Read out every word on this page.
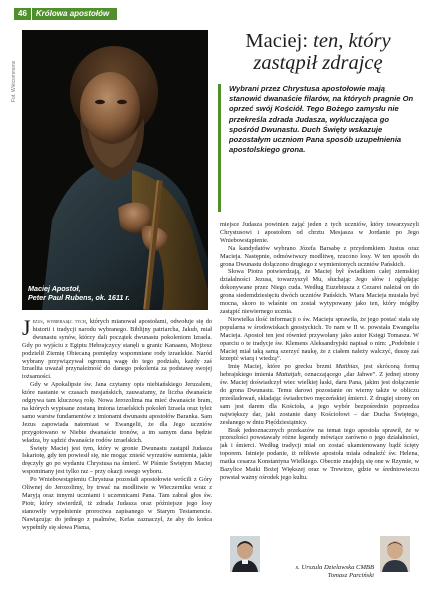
46	Królowa apostołów
Fot. Wikicommons
Maciej Apostoł,
Peter Paul Rubens, ok. 1611 r.
Maciej: ten, który
zastąpił zdrajcę
Wybrani przez Chrystusa apostołowie mają stanowić dwanaście filarów, na których pragnie On oprzeć swój Kościół. Tego Bożego zamysłu nie przekreśla zdrada Judasza, wykluczająca go spośród Dwunastu. Duch Święty wskazuje pozostałym uczniom Pana sposób uzupełnienia apostolskiego grona.

Jezus, wybierając tych, których mianował apostołami, odwołuje się do historii i tradycji narodu wybranego. Biblijny patriarcha, Jakub, miał dwunastu synów, którzy dali początek dwunastu pokoleniom Izraela. Gdy po wyjściu z Egiptu Hebrajczycy stanęli u granic Kanaanu, Mojżesz podzielił Ziemię Obiecaną pomiędzy wspomniane rody izraelskie. Naród wybrany przywiązywał ogromną wagę do tego podziału, każdy zaś Izraelita uważał przynależność do danego pokolenia za podstawę swojej tożsamości.

Gdy w Apokalipsie św. Jana czytamy opis niebiańskiego Jeruzalem, które nastanie w czasach mesjańskich, zauważamy, że liczba dwanaście odgrywa tam kluczową rolę. Nowa Jerozolima ma mieć dwanaście bram, na których wypisane zostaną imiona izraelskich pokoleń Izraela oraz tyleż samo warstw fundamentów z imionami dwunastu apostołów Baranka. Sam Jezus zapowiada natomiast w Ewangelii, że dla Jego uczniów przygotowano w Niebie dwanaście tronów, a im samym dana będzie władza, by sądzić dwanaście rodów izraelskich.

Święty Maciej jest tym, który w gronie Dwunastu zastąpił Judasza Iskariotę, gdy ten powiesił się, nie mogąc znieść wyrzutów sumienia, jakie dręczyły go po wydaniu Chrystusa na śmierć. W Piśmie Świętym Maciej wspominany jest tylko raz – przy okazji swego wyboru.

Po Wniebowstąpieniu Chrystusa pozostali apostołowie wrócili z Góry Oliwnej do Jerozolimy, by trwać na modlitwie w Wieczerniku wraz z Maryją oraz innymi uczniami i uczennicami Pana. Tam zabrał głos św. Piotr, który stwierdził, iż zdrada Judasza oraz późniejsze jego losy stanowiły wypełnienie proroctwa zapisanego w Starym Testamencie. Nawiązując do jednego z psalmów, Kefas zaznaczył, że aby do końca wypełniły się słowa Pisma,

miejsce Judasza powinien zająć jeden z tych uczniów, który towarzyszyli Chrystusowi i apostołom od chrztu Mesjasza w Jordanie po Jego Wniebowstąpienie.

Na kandydatów wybrano Józefa Barsabę z przydomkiem Justus oraz Macieja. Następnie, odmówiwszy modlitwę, rzucono losy. W ten sposób do grona Dwunastu dołączono drugiego z wymienionych uczniów Pańskich.

Słowa Piotra potwierdzają, że Maciej był świadkiem całej ziemskiej działalności Jezusa, towarzyszył Mu, słuchając Jego słów i oglądając dokonywane przez Niego cuda. Według Euzebiusza z Cezarei należał on do grona siedemdziesięciu dwóch uczniów Pańskich. Wiara Macieja musiała być mocna, skoro to właśnie on został wytypowany jako ten, który mógłby zastąpić niewiernego ucznia.

Niewielka ilość informacji o św. Macieju sprawiła, że jego postać stała się popularna w środowiskach gnostyckich. To nam w II w. powstała Ewangelia Macieja. Apostoł ten jest również przywołany jako autor Księgi Tomasza. W oparciu o te tradycje św. Klemens Aleksandryjski napisał o nim: „Podobnie i Maciej miał taką samą szerzyć naukę, że z ciałem należy walczyć, duszę zaś krzepić wiarą i wiedzą”.

Imię Maciej, które po grecku brzmi Matthias, jest skróconą formą hebrajskiego imienia Mattatjah, oznaczającego „dar Jahwe”. Z jednej strony św. Maciej doświadczył wiec wielkiej łaski, daru Pana, jakim jest dołączenie do grona Dwunastu. Temu darowi pozostanie on wierny także w obliczu prześladowań, składając świadectwo męczeńskiej śmierci. Z drugiej strony on sam jest darem dla Kościoła, a jego wybór bezpośrednio poprzedza największy dar, jaki zostanie dany Kościołowi – dar Ducha Świętego, zesłanego w dniu Pięćdziesiątnicy.

Brak jednoznacznych przekazów na temat tego apostoła sprawił, że w przeszłości powstawały różne legendy mówiące zarówno o jego działalności, jak i śmierci. Według tradycji miał on zostać ukamienowany bądź ścięty toporem. Istnieje podanie, iż relikwie apostoła miała odnaleźć św. Helena, matka cesarza Konstantyna Wielkiego. Obecnie znajdują się one w Rzymie, w Bazylice Matki Bożej Większej oraz w Trewirze, gdzie w średniowieczu powstał ważny ośrodek jego kultu.

s. Urszula Dzielawska CMBB
Tomasz Parciński
